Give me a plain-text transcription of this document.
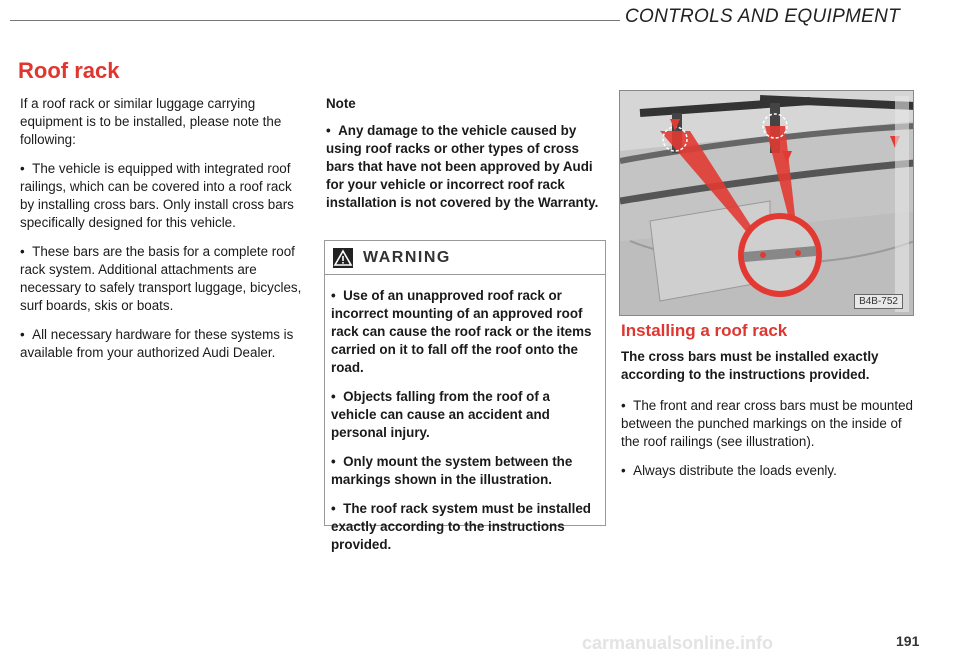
CONTROLS AND EQUIPMENT
Roof rack

If a roof rack or similar luggage carrying equipment is to be installed, please note the following:

•  The vehicle is equipped with integrated roof railings, which can be covered into a roof rack by installing cross bars. Only install cross bars specifically designed for this vehicle.

•  These bars are the basis for a complete roof rack system. Additional attachments are necessary to safely transport luggage, bicycles, surf boards, skis or boats.

•  All necessary hardware for these systems is available from your authorized Audi Dealer.

Note

•  Any damage to the vehicle caused by using roof racks or other types of cross bars that have not been approved by Audi for your vehicle or incorrect roof rack installation is not covered by the Warranty.

WARNING

•  Use of an unapproved roof rack or incorrect mounting of an approved roof rack can cause the roof rack or the items carried on it to fall off the roof onto the road.

•  Objects falling from the roof of a vehicle can cause an accident and personal injury.

•  Only mount the system between the markings shown in the illustration.

•  The roof rack system must be installed exactly according to the instructions provided.

B4B-752
Installing a roof rack

The cross bars must be installed exactly according to the instructions provided.

•  The front and rear cross bars must be mounted between the punched markings on the inside of the roof railings (see illustration).

•  Always distribute the loads evenly.

carmanualsonline.info	191
